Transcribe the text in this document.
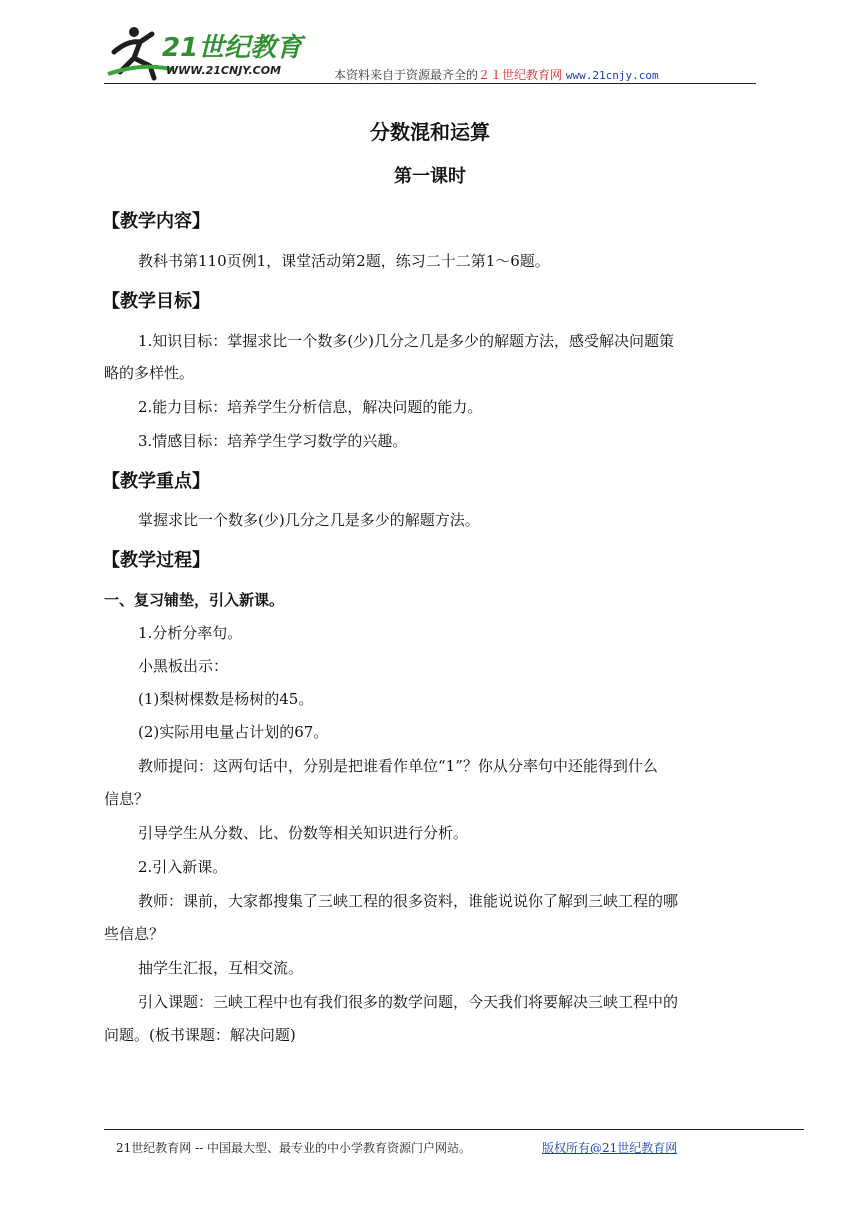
21世纪教育
WWW.21CNJY.COM	本资料来自于资源最齐全的２１世纪教育网 www.21cnjy.com
分数混和运算
第一课时
【教学内容】
教科书第110页例1，课堂活动第2题，练习二十二第1～6题。
【教学目标】
1.知识目标：掌握求比一个数多(少)几分之几是多少的解题方法，感受解决问题策
略的多样性。
2.能力目标：培养学生分析信息，解决问题的能力。
3.情感目标：培养学生学习数学的兴趣。
【教学重点】
掌握求比一个数多(少)几分之几是多少的解题方法。
【教学过程】
一、复习铺垫，引入新课。
1.分析分率句。
小黑板出示：
(1)梨树棵数是杨树的45。
(2)实际用电量占计划的67。
教师提问：这两句话中，分别是把谁看作单位“1”？你从分率句中还能得到什么
信息？
引导学生从分数、比、份数等相关知识进行分析。
2.引入新课。
教师：课前，大家都搜集了三峡工程的很多资料，谁能说说你了解到三峡工程的哪
些信息？
抽学生汇报，互相交流。
引入课题：三峡工程中也有我们很多的数学问题，今天我们将要解决三峡工程中的
问题。(板书课题：解决问题)
21世纪教育网 -- 中国最大型、最专业的中小学教育资源门户网站。	版权所有@21世纪教育网
